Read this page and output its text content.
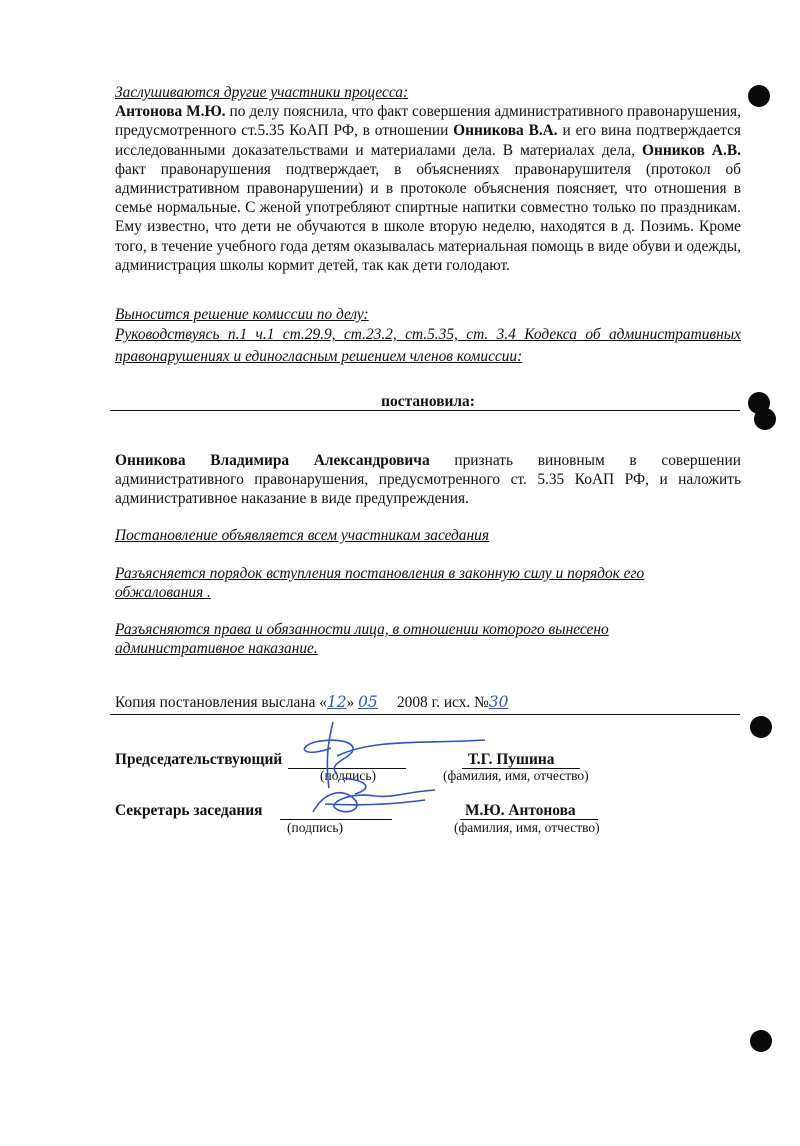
Заслушиваются другие участники процесса:
Антонова М.Ю. по делу пояснила, что факт совершения административного правонарушения, предусмотренного ст.5.35 КоАП РФ, в отношении Онникова В.А. и его вина подтверждается исследованными доказательствами и материалами дела. В материалах дела, Онников А.В. факт правонарушения подтверждает, в объяснениях правонарушителя (протокол об административном правонарушении) и в протоколе объяснения поясняет, что отношения в семье нормальные. С женой употребляют спиртные напитки совместно только по праздникам. Ему известно, что дети не обучаются в школе вторую неделю, находятся в д. Позимь. Кроме того, в течение учебного года детям оказывалась материальная помощь в виде обуви и одежды, администрация школы кормит детей, так как дети голодают.
Выносится решение комиссии по делу:
Руководствуясь п.1 ч.1 ст.29.9, ст.23.2, ст.5.35, ст. 3.4 Кодекса об административных правонарушениях и единогласным решением членов комиссии:
постановила:
Онникова Владимира Александровича признать виновным в совершении административного правонарушения, предусмотренного ст. 5.35 КоАП РФ, и наложить административное наказание в виде предупреждения.
Постановление объявляется всем участникам заседания
Разъясняется порядок вступления постановления в законную силу и порядок его обжалования .
Разъясняются права и обязанности лица, в отношении которого вынесено административное наказание.
Копия постановления выслана «12» 05     2008 г. исх. №30
Председательствующий
(подпись)
Т.Г. Пушина
(фамилия, имя, отчество)
Секретарь заседания
(подпись)
М.Ю. Антонова
(фамилия, имя, отчество)
